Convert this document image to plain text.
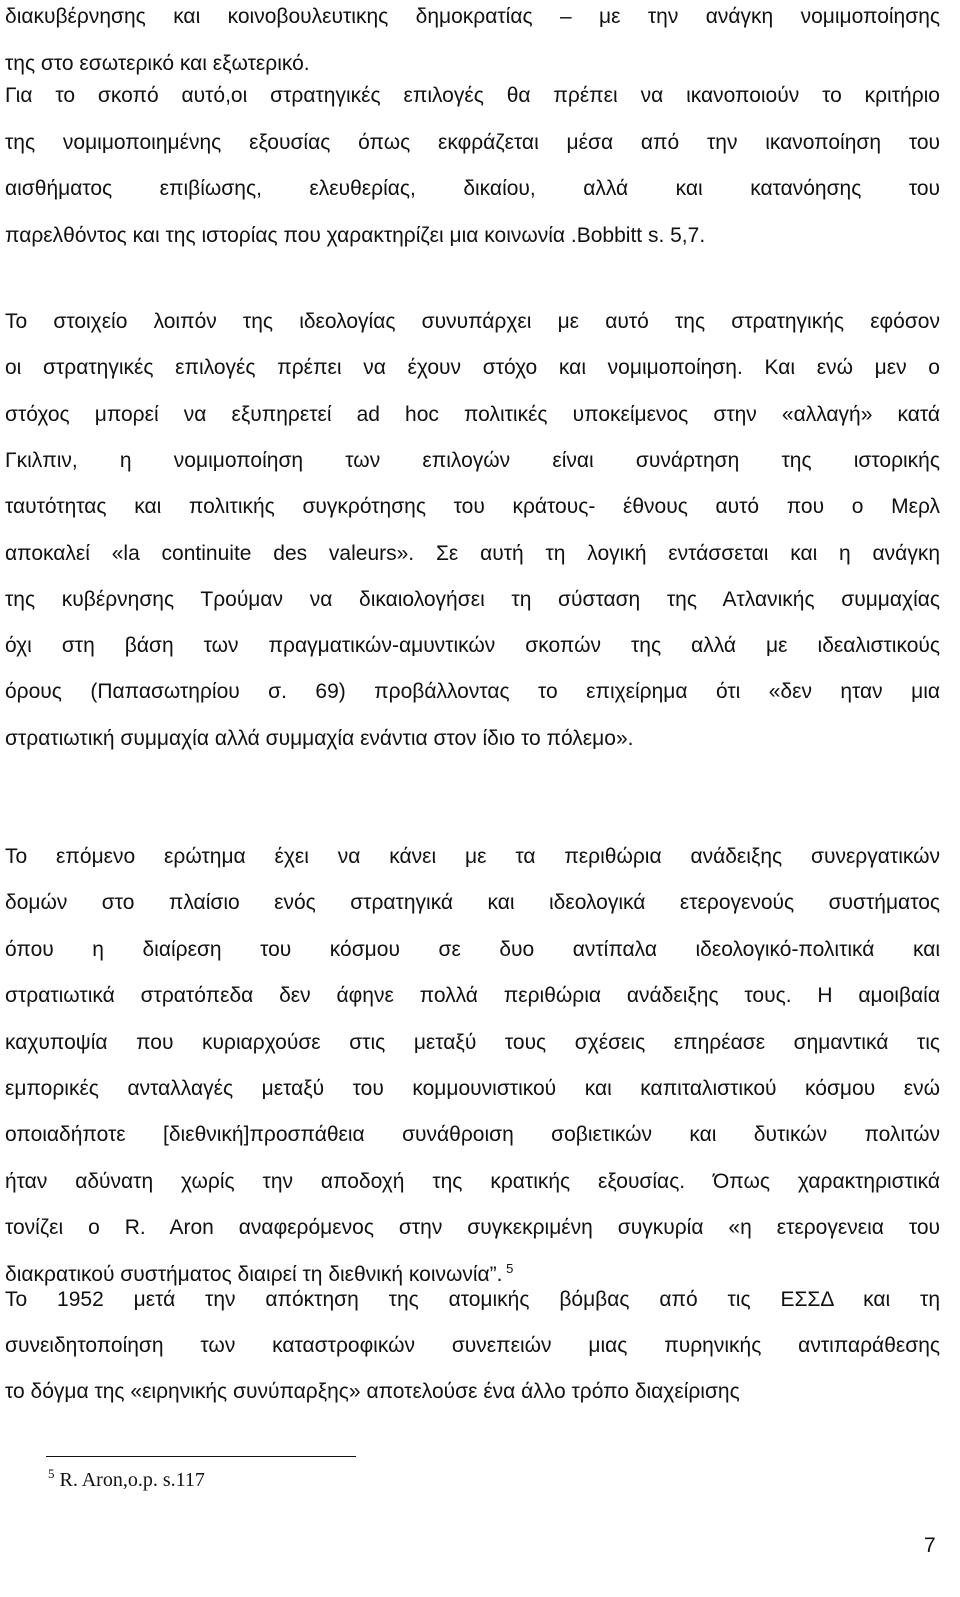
διακυβέρνησης και κοινοβουλευτικης δημοκρατίας – με την ανάγκη νομιμοποίησης
της στο εσωτερικό και εξωτερικό.
Για το σκοπό αυτό,οι στρατηγικές επιλογές θα πρέπει να ικανοποιούν το κριτήριο
της νομιμοποιημένης εξουσίας όπως εκφράζεται μέσα από την ικανοποίηση του
αισθήματος επιβίωσης, ελευθερίας, δικαίου, αλλά και κατανόησης του
παρελθόντος και της ιστορίας που χαρακτηρίζει μια κοινωνία .Bobbitt s. 5,7.
Το στοιχείο λοιπόν της ιδεολογίας συνυπάρχει με αυτό της στρατηγικής εφόσον
οι στρατηγικές επιλογές πρέπει να έχουν στόχο και νομιμοποίηση. Και ενώ μεν ο
στόχος μπορεί να εξυπηρετεί ad hoc πολιτικές υποκείμενος στην «αλλαγή» κατά
Γκιλπιν, η νομιμοποίηση των επιλογών είναι συνάρτηση της ιστορικής
ταυτότητας και πολιτικής συγκρότησης του κράτους- έθνους αυτό που ο Μερλ
αποκαλεί «la continuite des valeurs». Σε αυτή τη λογική εντάσσεται και η ανάγκη
της κυβέρνησης Τρούμαν να δικαιολογήσει τη σύσταση της Ατλανικής συμμαχίας
όχι στη βάση των πραγματικών-αμυντικών σκοπών της αλλά με ιδεαλιστικούς
όρους (Παπασωτηρίου σ. 69) προβάλλοντας το επιχείρημα ότι «δεν ηταν μια
στρατιωτική συμμαχία αλλά συμμαχία ενάντια στον ίδιο το πόλεμο».
Το επόμενο ερώτημα έχει να κάνει με τα περιθώρια ανάδειξης συνεργατικών
δομών στο πλαίσιο ενός στρατηγικά και ιδεολογικά ετερογενούς συστήματος
όπου η διαίρεση του κόσμου σε δυο αντίπαλα ιδεολογικό-πολιτικά και
στρατιωτικά στρατόπεδα δεν άφηνε πολλά περιθώρια ανάδειξης τους. Η αμοιβαία
καχυποψία που κυριαρχούσε στις μεταξύ τους σχέσεις επηρέασε σημαντικά τις
εμπορικές ανταλλαγές μεταξύ του κομμουνιστικού και καπιταλιστικού κόσμου ενώ
οποιαδήποτε [διεθνική]προσπάθεια συνάθροιση σοβιετικών και δυτικών πολιτών
ήταν αδύνατη χωρίς την αποδοχή της κρατικής εξουσίας. Όπως χαρακτηριστικά
τονίζει ο R. Aron αναφερόμενος στην συγκεκριμένη συγκυρία «η ετερογενεια του
διακρατικού συστήματος διαιρεί τη διεθνική κοινωνία”. $^5$
Το 1952 μετά την απόκτηση της ατομικής βόμβας από τις ΕΣΣΔ και τη
συνειδητοποίηση των καταστροφικών συνεπειών μιας πυρηνικής αντιπαράθεσης
το δόγμα της «ειρηνικής συνύπαρξης» αποτελούσε ένα άλλο τρόπο διαχείρισης
$^5$ R. Aron,o.p. s.117
7
